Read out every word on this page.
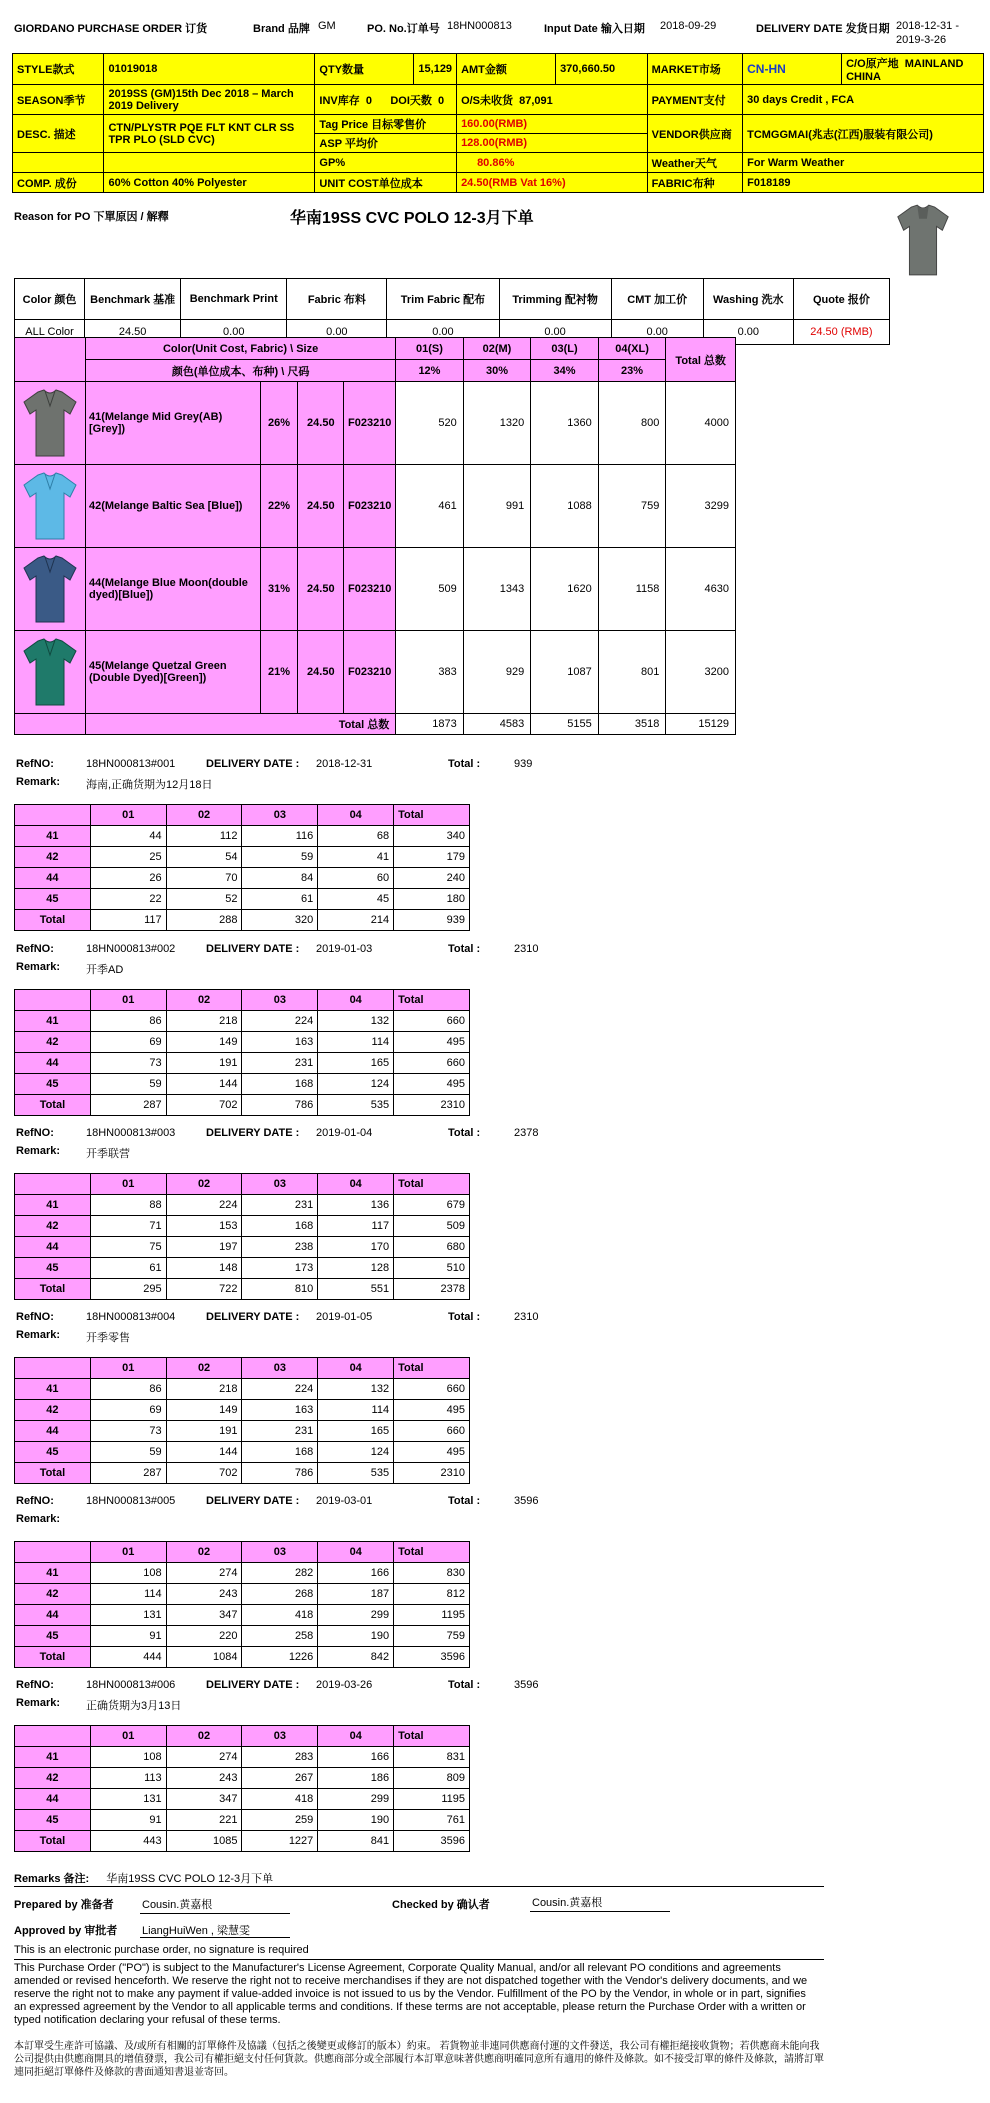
GIORDANO PURCHASE ORDER 订货	Brand 品牌 GM	PO. No.订单号 18HN000813	Input Date 输入日期 2018-09-29	DELIVERY DATE 发货日期 2018-12-31 -
2019-3-26
STYLE款式	01019018	QTY数量	15,129	AMT金额	370,660.50	MARKET市场	CN-HN	C/O原产地 MAINLAND CHINA
SEASON季节	2019SS (GM)15th Dec 2018 – March 2019 Delivery	INV库存 0 DOI天数 0		O/S未收货 87,091		PAYMENT支付	30 days Credit , FCA	
DESC. 描述	CTN/PLYSTR PQE FLT KNT CLR SS TPR PLO (SLD CVC)	Tag Price 目标零售价		160.00(RMB)		VENDOR供应商	TCMGGMAI(兆志(江西)服装有限公司)	
		ASP 平均价		128.00(RMB)				
		GP%		80.86%		Weather天气	For Warm Weather	
COMP. 成份	60% Cotton 40% Polyester	UNIT COST单位成本		24.50(RMB Vat 16%)		FABRIC布种	F018189	
Reason for PO 下單原因 / 解釋	华南19SS CVC POLO 12-3月下单
Color 颜色	Benchmark 基准	Benchmark Print	Fabric 布料	Trim Fabric 配布	Trimming 配衬物	CMT 加工价	Washing 洗水	Quote 报价
ALL Color	24.50	0.00	0.00	0.00	0.00	0.00	0.00	24.50 (RMB)
	Color(Unit Cost, Fabric) \ Size				01(S)	02(M)	03(L)	04(XL)	Total 总数
	颜色(单位成本、布种) \ 尺码				12%	30%	34%	23%	

	41(Melange Mid Grey(AB)[Grey])	26%	24.50	F023210	520	1320	1360	800	4000

	42(Melange Baltic Sea [Blue])	22%	24.50	F023210	461	991	1088	759	3299

	44(Melange Blue Moon(double dyed)[Blue])	31%	24.50	F023210	509	1343	1620	1158	4630

	45(Melange Quetzal Green (Double Dyed)[Green])	21%	24.50	F023210	383	929	1087	801	3200
	Total 总数				1873	4583	5155	3518	15129
RefNO:	18HN000813#001	DELIVERY DATE : 2018-12-31	Total :	939
Remark: 海南,正确货期为12月18日
	01	02	03	04	Total
41	44	112	116	68	340
42	25	54	59	41	179
44	26	70	84	60	240
45	22	52	61	45	180
Total	117	288	320	214	939
RefNO:	18HN000813#002	DELIVERY DATE : 2019-01-03	Total :	2310
Remark: 开季AD
	01	02	03	04	Total
41	86	218	224	132	660
42	69	149	163	114	495
44	73	191	231	165	660
45	59	144	168	124	495
Total	287	702	786	535	2310
RefNO:	18HN000813#003	DELIVERY DATE : 2019-01-04	Total :	2378
Remark: 开季联营
	01	02	03	04	Total
41	88	224	231	136	679
42	71	153	168	117	509
44	75	197	238	170	680
45	61	148	173	128	510
Total	295	722	810	551	2378
RefNO:	18HN000813#004	DELIVERY DATE : 2019-01-05	Total :	2310
Remark: 开季零售
	01	02	03	04	Total
41	86	218	224	132	660
42	69	149	163	114	495
44	73	191	231	165	660
45	59	144	168	124	495
Total	287	702	786	535	2310
RefNO:	18HN000813#005	DELIVERY DATE : 2019-03-01	Total :	3596
Remark:
	01	02	03	04	Total
41	108	274	282	166	830
42	114	243	268	187	812
44	131	347	418	299	1195
45	91	220	258	190	759
Total	444	1084	1226	842	3596
RefNO:	18HN000813#006	DELIVERY DATE : 2019-03-26	Total :	3596
Remark: 正确货期为3月13日
	01	02	03	04	Total
41	108	274	283	166	831
42	113	243	267	186	809
44	131	347	418	299	1195
45	91	221	259	190	761
Total	443	1085	1227	841	3596
Remarks 备注: 华南19SS CVC POLO 12-3月下单
Prepared by 准备者	Cousin.黄嘉根	Checked by 确认者	Cousin.黄嘉根
Approved by 审批者 LiangHuiWen , 梁慧雯
This is an electronic purchase order, no signature is required
This Purchase Order ("PO") is subject to the Manufacturer's License Agreement, Corporate Quality Manual, and/or all relevant PO conditions and agreements amended or revised henceforth. We reserve the right not to receive merchandises if they are not dispatched together with the Vendor's delivery documents, and we reserve the right not to make any payment if value-added invoice is not issued to us by the Vendor. Fulfillment of the PO by the Vendor, in whole or in part, signifies an expressed agreement by the Vendor to all applicable terms and conditions. If these terms are not acceptable, please return the Purchase Order with a written or typed notification declaring your refusal of these terms.
本訂單受生產許可協議、及/或所有相關的訂單條件及協議（包括之後變更或修訂的版本）約束。 若貨物並非連同供應商付運的文件發送，我公司有權拒絕接收貨物；若供應商未能向我公司提供由供應商開具的增值發票，我公司有權拒絕支付任何貨款。供應商部分或全部履行本訂單意味著供應商明確同意所有適用的條件及條款。如不接受訂單的條件及條款，請將訂單連同拒絕訂單條件及條款的書面通知書退並寄回。
